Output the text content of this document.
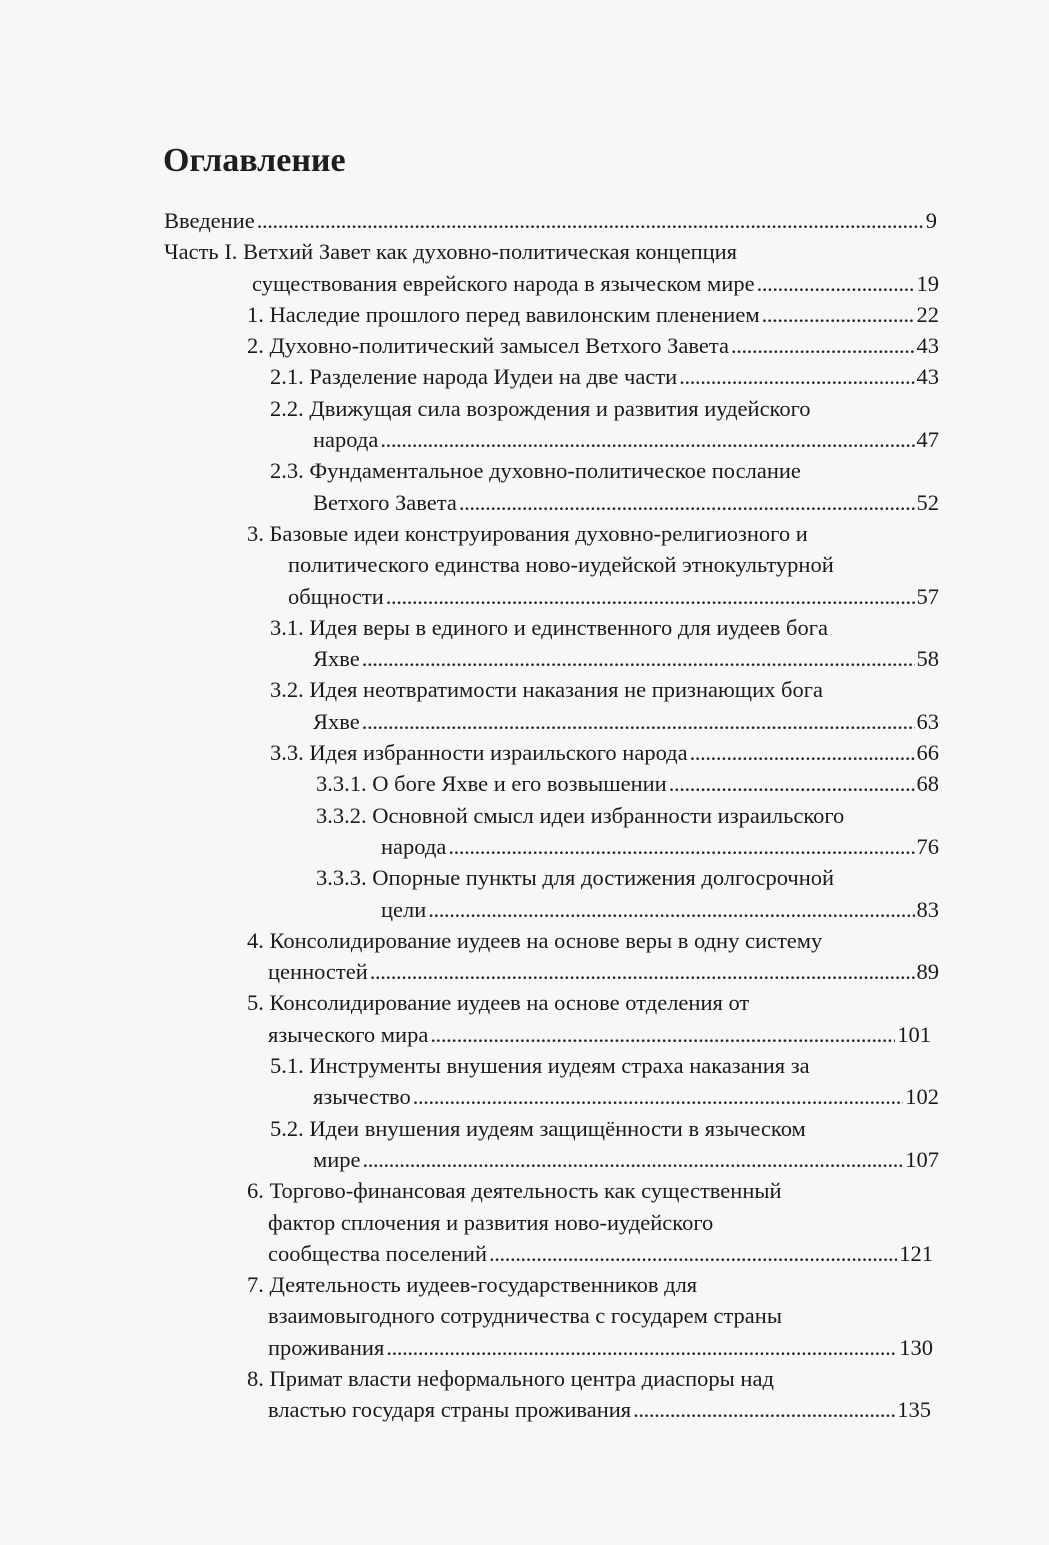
Оглавление
Введение . . .	9
Часть I. Ветхий Завет как духовно-политическая концепция
существования еврейского народа в языческом мире . . .	19
1. Наследие прошлого перед вавилонским пленением . . .	22
2. Духовно-политический замысел Ветхого Завета . . .	43
2.1. Разделение народа Иудеи на две части . . .	43
2.2. Движущая сила возрождения и развития иудейского
народа . . .	47
2.3. Фундаментальное духовно-политическое послание
Ветхого Завета . . .	52
3. Базовые идеи конструирования духовно-религиозного и
политического единства ново-иудейской этнокультурной
общности . . .	57
3.1. Идея веры в единого и единственного для иудеев бога
Яхве . . .	58
3.2. Идея неотвратимости наказания не признающих бога
Яхве . . .	63
3.3. Идея избранности израильского народа . . .	66
3.3.1. О боге Яхве и его возвышении . . .	68
3.3.2. Основной смысл идеи избранности израильского
народа . . .	76
3.3.3. Опорные пункты для достижения долгосрочной
цели . . .	83
4. Консолидирование иудеев на основе веры в одну систему
ценностей . . .	89
5. Консолидирование иудеев на основе отделения от
языческого мира . . .	101
5.1. Инструменты внушения иудеям страха наказания за
язычество . . .	102
5.2. Идеи внушения иудеям защищённости в языческом
мире . . .	107
6. Торгово-финансовая деятельность как существенный
фактор сплочения и развития ново-иудейского
сообщества поселений . . .	121
7. Деятельность иудеев-государственников для
взаимовыгодного сотрудничества с государем страны
проживания . . .	130
8. Примат власти неформального центра диаспоры над
властью государя страны проживания . . .	135
